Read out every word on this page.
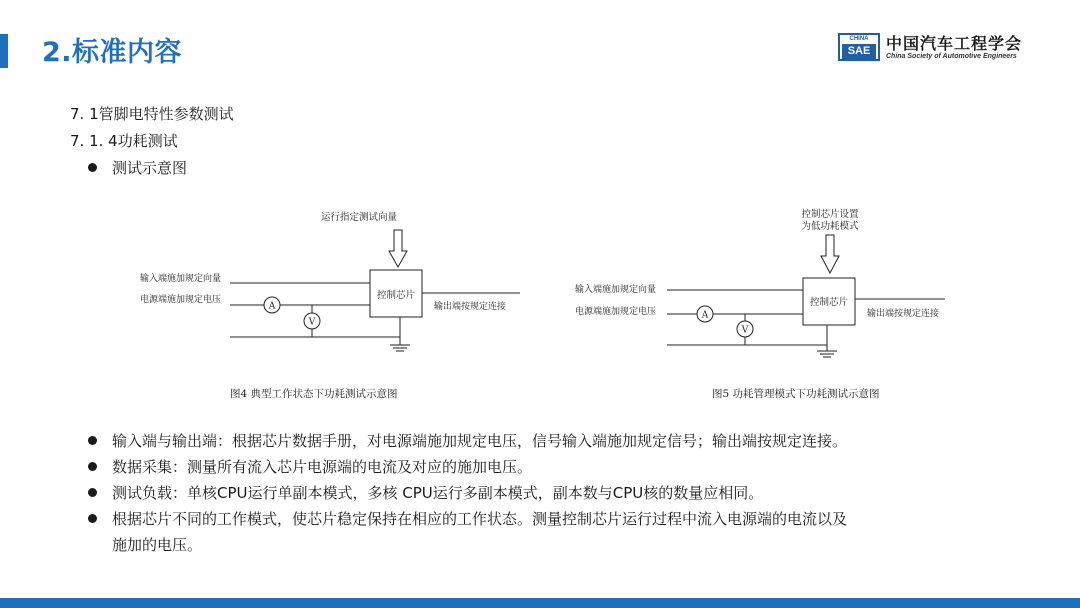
2.标准内容	CHINA
SAE 中国汽车工程学会
China Society of Automotive Engineers
7. 1管脚电特性参数测试
7. 1. 4功耗测试
测试示意图
运行指定测试向量
控制芯片
输入端施加规定向量
A
电源端施加规定电压
V
输出端按规定连接
图4 典型工作状态下功耗测试示意图
控制芯片设置
为低功耗模式
控制芯片
输入端施加规定向量
A
电源端施加规定电压
V
输出端按规定连接
图5 功耗管理模式下功耗测试示意图
输入端与输出端：根据芯片数据手册，对电源端施加规定电压，信号输入端施加规定信号；输出端按规定连接。
数据采集：测量所有流入芯片电源端的电流及对应的施加电压。
测试负载：单核CPU运行单副本模式，多核 CPU运行多副本模式，副本数与CPU核的数量应相同。
根据芯片不同的工作模式，使芯片稳定保持在相应的工作状态。测量控制芯片运行过程中流入电源端的电流以及
施加的电压。
